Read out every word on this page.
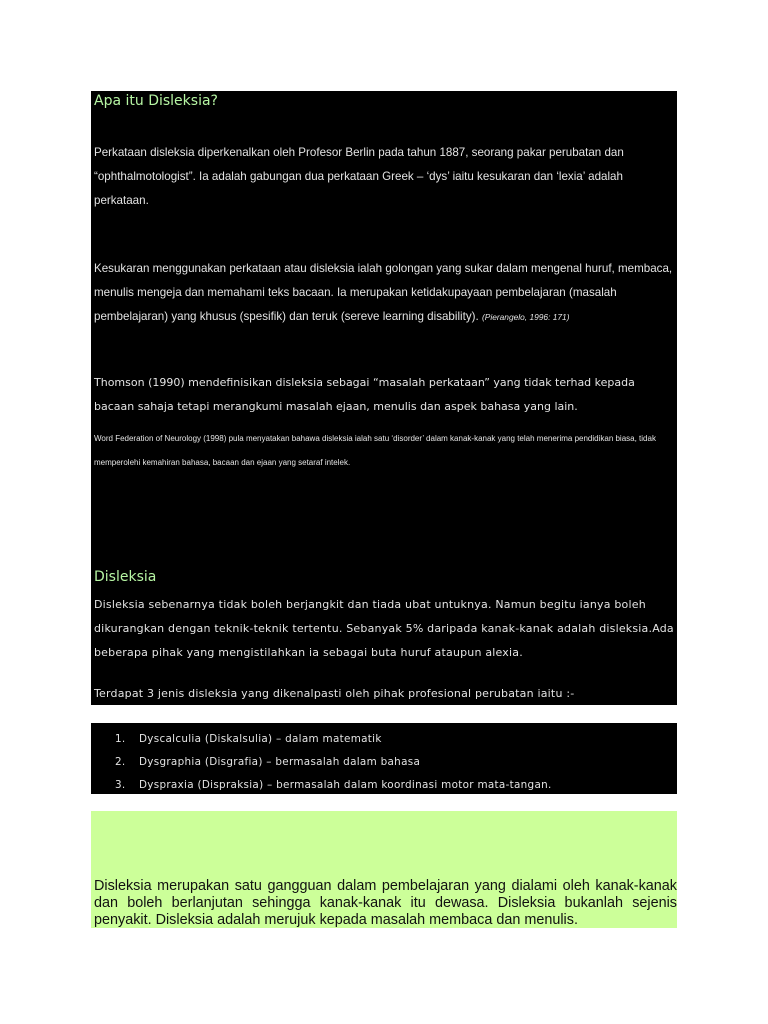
Apa itu Disleksia?

Perkataan disleksia diperkenalkan oleh Profesor Berlin pada tahun 1887, seorang pakar perubatan dan “ophthalmotologist”. Ia adalah gabungan dua perkataan Greek – ‘dys’ iaitu kesukaran dan ‘lexia’ adalah perkataan.

Kesukaran menggunakan perkataan atau disleksia ialah golongan yang sukar dalam mengenal huruf, membaca, menulis mengeja dan memahami teks bacaan. Ia merupakan ketidakupayaan pembelajaran (masalah pembelajaran) yang khusus (spesifik) dan teruk (sereve learning disability). (Pierangelo, 1996: 171)

Thomson (1990) mendefinisikan disleksia sebagai “masalah perkataan” yang tidak terhad kepada bacaan sahaja tetapi merangkumi masalah ejaan, menulis dan aspek bahasa yang lain.

Word Federation of Neurology (1998) pula menyatakan bahawa disleksia ialah satu ‘disorder’ dalam kanak-kanak yang telah menerima pendidikan biasa, tidak memperolehi kemahiran bahasa, bacaan dan ejaan yang setaraf intelek.

Disleksia

Disleksia sebenarnya tidak boleh berjangkit dan tiada ubat untuknya. Namun begitu ianya boleh dikurangkan dengan teknik-teknik tertentu. Sebanyak 5% daripada kanak-kanak adalah disleksia.Ada beberapa pihak yang mengistilahkan ia sebagai buta huruf ataupun alexia.

Terdapat 3 jenis disleksia yang dikenalpasti oleh pihak profesional perubatan iaitu :-

1. Dyscalculia (Diskalsulia) – dalam matematik
2. Dysgraphia (Disgrafia) – bermasalah dalam bahasa
3. Dyspraxia (Dispraksia) – bermasalah dalam koordinasi motor mata-tangan.

Disleksia merupakan satu gangguan dalam pembelajaran yang dialami oleh kanak-kanak dan boleh berlanjutan sehingga kanak-kanak itu dewasa. Disleksia bukanlah sejenis penyakit. Disleksia adalah merujuk kepada masalah membaca dan menulis.
